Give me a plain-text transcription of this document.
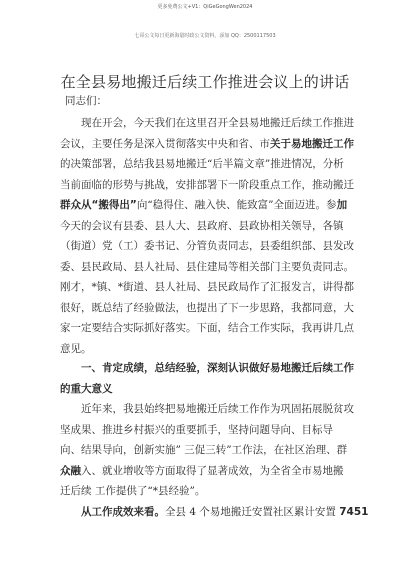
更多免费公文+V1：QiGeGongWen2024
七哥公文每日更新海量时政公文资料，添加 QQ：2500117503
在全县易地搬迁后续工作推进会议上的讲话
同志们：
现在开会，今天我们在这里召开全县易地搬迁后续工作推进
会议，主要任务是深入贯彻落实中央和省、市关于易地搬迁工作
的决策部署，总结我县易地搬迁“后半篇文章”推进情况，分析
当前面临的形势与挑战，安排部署下一阶段重点工作，推动搬迁
群众从“搬得出”向“稳得住、融入快、能致富”全面迈进。参加
今天的会议有县委、县人大、县政府、县政协相关领导，各镇
（街道）党（工）委书记、分管负责同志，县委组织部、县发改
委、县民政局、县人社局、县住建局等相关部门主要负责同志。
刚才，*镇、*街道、县人社局、县民政局作了汇报发言，讲得都
很好，既总结了经验做法，也提出了下一步思路，我都同意，大
家一定要结合实际抓好落实。下面，结合工作实际，我再讲几点
意见。
一、肯定成绩，总结经验，深刻认识做好易地搬迁后续工作
的重大意义
近年来，我县始终把易地搬迁后续工作作为巩固拓展脱贫攻
坚成果、推进乡村振兴的重要抓手，坚持问题导向、目标导
向、结果导向，创新实施” 三促三转”工作法，在社区治理、群
众融入、就业增收等方面取得了显著成效，为全省全市易地搬
迁后续 工作提供了“*县经验”。
从工作成效来看。全县 4 个易地搬迁安置社区累计安置 7451
